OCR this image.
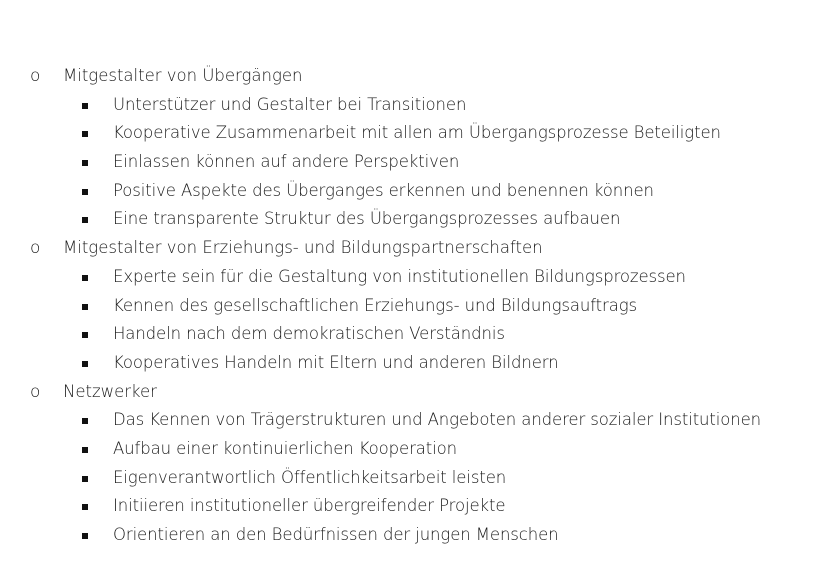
o Mitgestalter von Übergängen
Unterstützer und Gestalter bei Transitionen
Kooperative Zusammenarbeit mit allen am Übergangsprozesse Beteiligten
Einlassen können auf andere Perspektiven
Positive Aspekte des Überganges erkennen und benennen können
Eine transparente Struktur des Übergangsprozesses aufbauen
o Mitgestalter von Erziehungs- und Bildungspartnerschaften
Experte sein für die Gestaltung von institutionellen Bildungsprozessen
Kennen des gesellschaftlichen Erziehungs- und Bildungsauftrags
Handeln nach dem demokratischen Verständnis
Kooperatives Handeln mit Eltern und anderen Bildnern
o Netzwerker
Das Kennen von Trägerstrukturen und Angeboten anderer sozialer Institutionen
Aufbau einer kontinuierlichen Kooperation
Eigenverantwortlich Öffentlichkeitsarbeit leisten
Initiieren institutioneller übergreifender Projekte
Orientieren an den Bedürfnissen der jungen Menschen
